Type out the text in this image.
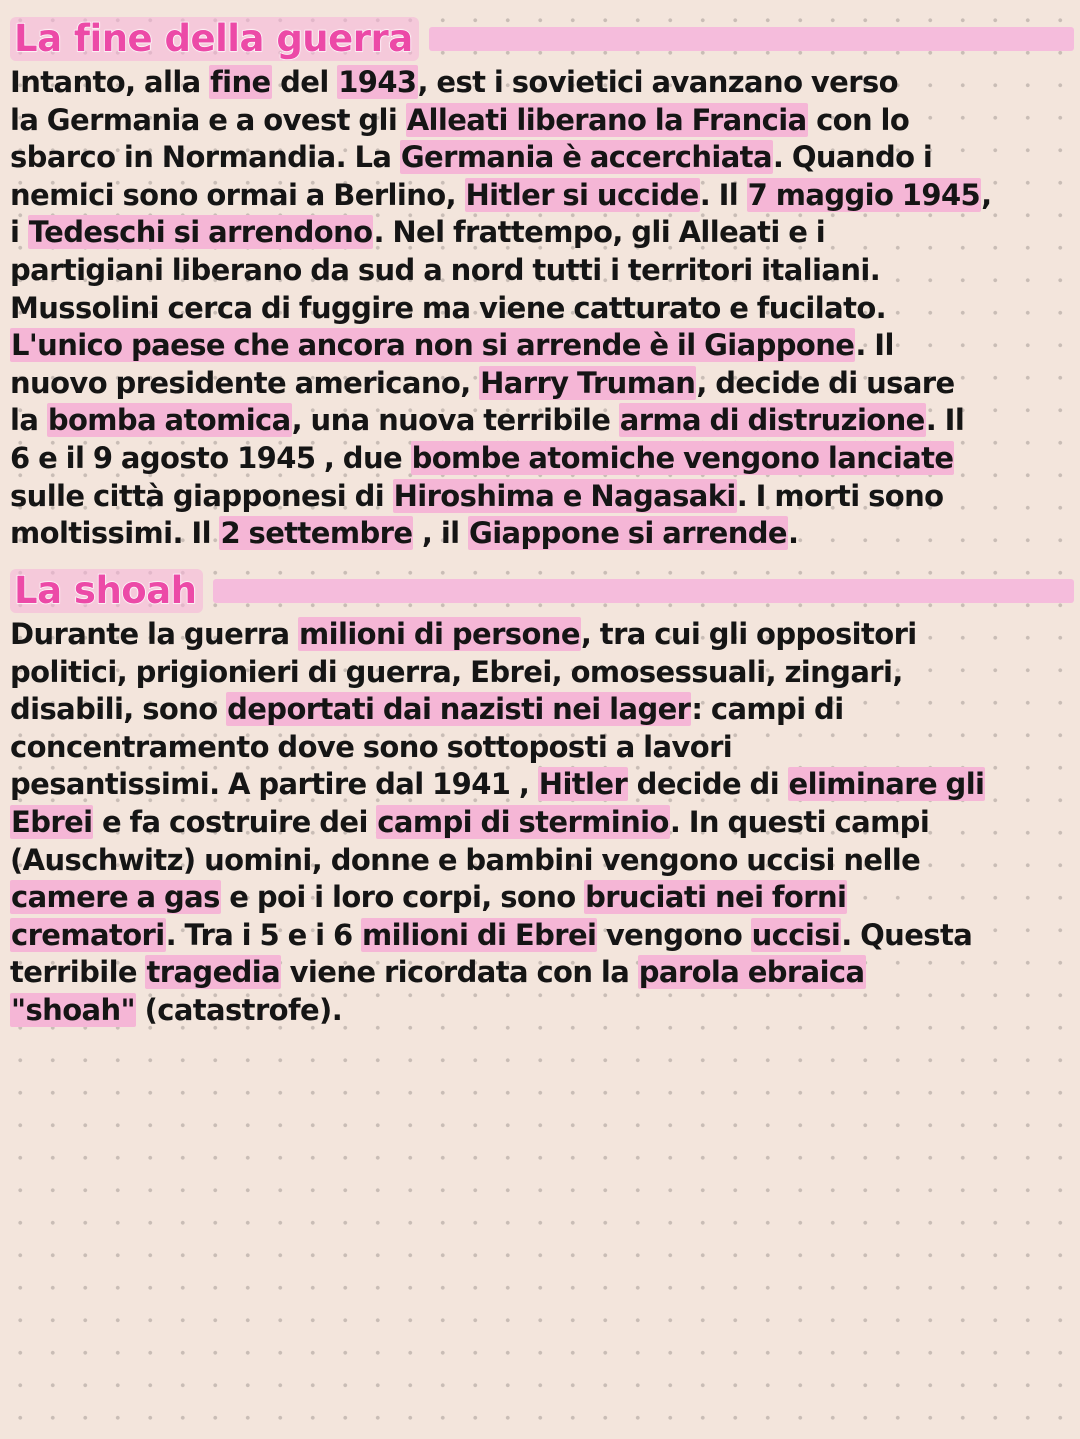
La fine della guerra
Intanto, alla fine del 1943, est i sovietici avanzano verso
la Germania e a ovest gli Alleati liberano la Francia con lo
sbarco in Normandia. La Germania è accerchiata. Quando i
nemici sono ormai a Berlino, Hitler si uccide. Il 7 maggio 1945,
i Tedeschi si arrendono. Nel frattempo, gli Alleati e i
partigiani liberano da sud a nord tutti i territori italiani.
Mussolini cerca di fuggire ma viene catturato e fucilato.
L'unico paese che ancora non si arrende è il Giappone. Il
nuovo presidente americano, Harry Truman, decide di usare
la bomba atomica, una nuova terribile arma di distruzione. Il
6 e il 9 agosto 1945 , due bombe atomiche vengono lanciate
sulle città giapponesi di Hiroshima e Nagasaki. I morti sono
moltissimi. Il 2 settembre , il Giappone si arrende.
La shoah
Durante la guerra milioni di persone, tra cui gli oppositori
politici, prigionieri di guerra, Ebrei, omosessuali, zingari,
disabili, sono deportati dai nazisti nei lager: campi di
concentramento dove sono sottoposti a lavori
pesantissimi. A partire dal 1941 , Hitler decide di eliminare gli
Ebrei e fa costruire dei campi di sterminio. In questi campi
(Auschwitz) uomini, donne e bambini vengono uccisi nelle
camere a gas e poi i loro corpi, sono bruciati nei forni
crematori. Tra i 5 e i 6 milioni di Ebrei vengono uccisi. Questa
terribile tragedia viene ricordata con la parola ebraica
"shoah" (catastrofe).
